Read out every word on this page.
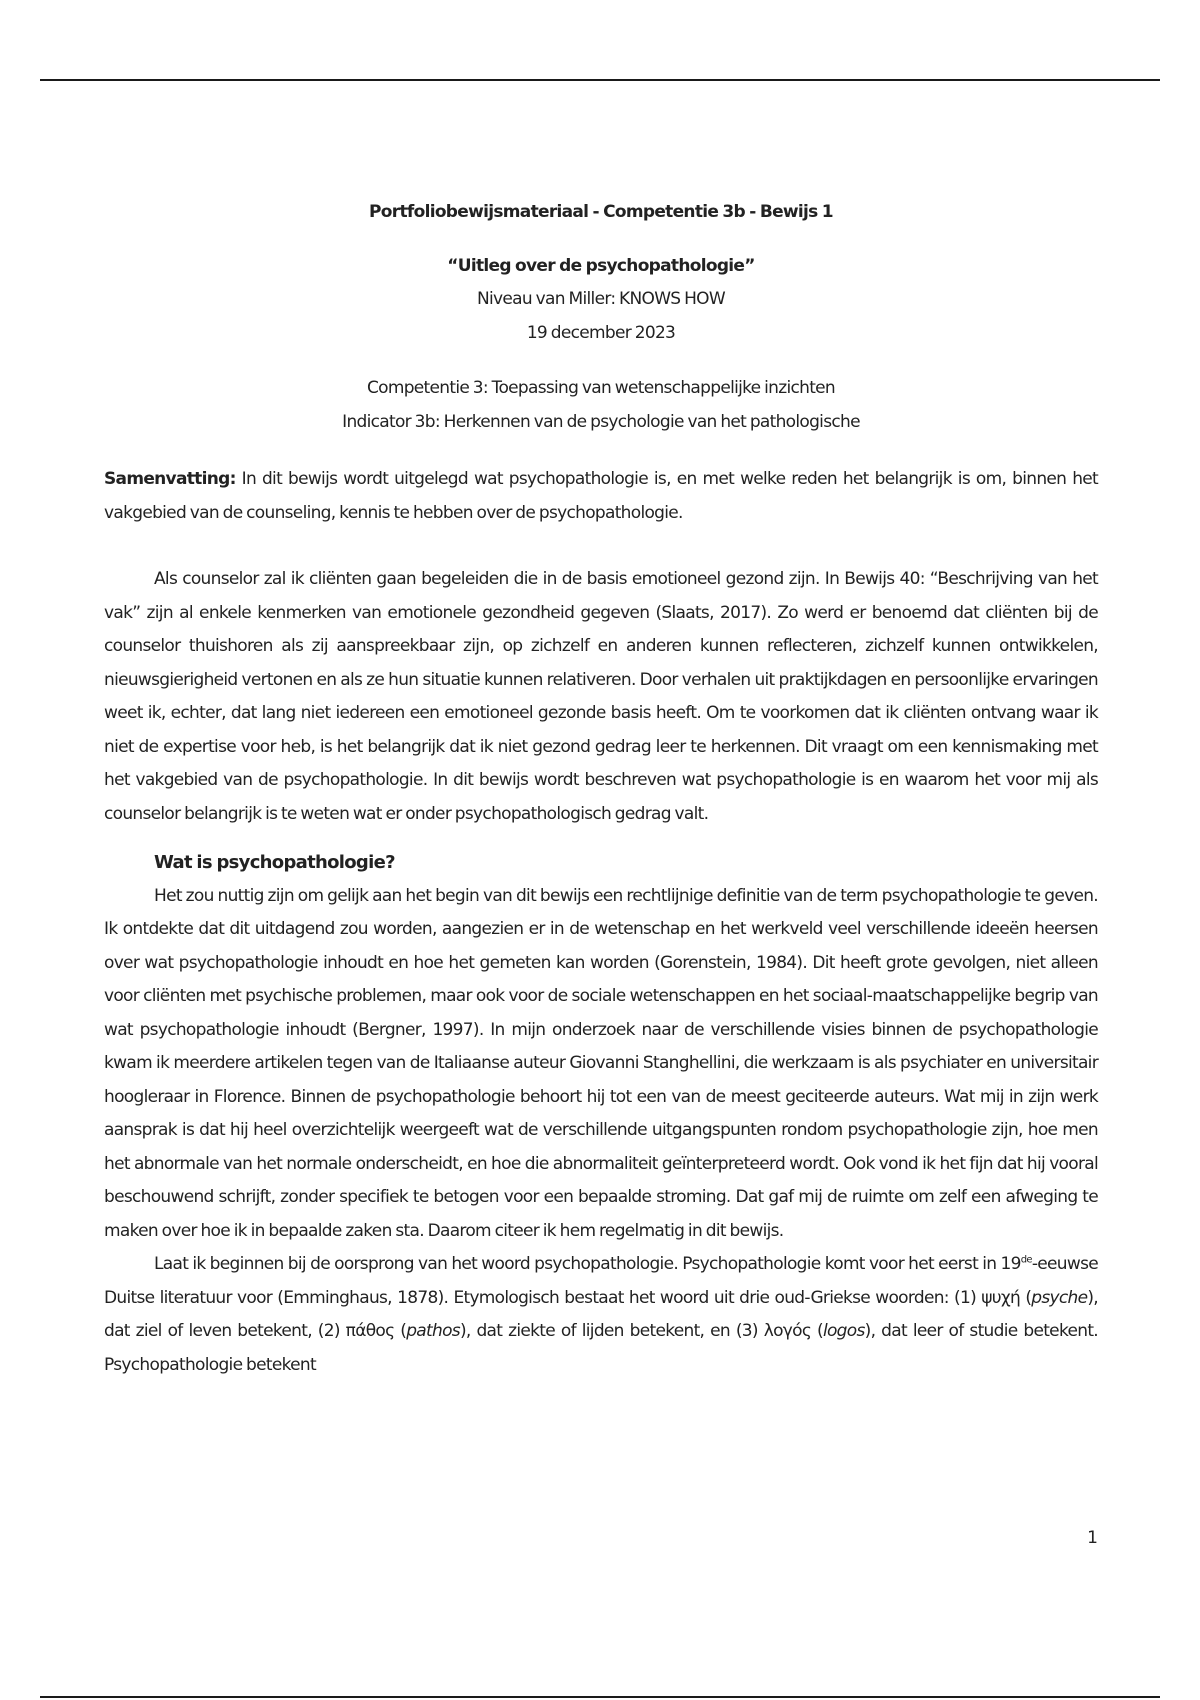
Portfoliobewijsmateriaal - Competentie 3b - Bewijs 1
“Uitleg over de psychopathologie”
Niveau van Miller: KNOWS HOW
19 december 2023
Competentie 3: Toepassing van wetenschappelijke inzichten
Indicator 3b: Herkennen van de psychologie van het pathologische

Samenvatting: In dit bewijs wordt uitgelegd wat psychopathologie is, en met welke reden het belangrijk is om, binnen het vakgebied van de counseling, kennis te hebben over de psychopathologie.

Als counselor zal ik cliënten gaan begeleiden die in de basis emotioneel gezond zijn. In Bewijs 40: “Beschrijving van het vak” zijn al enkele kenmerken van emotionele gezondheid gegeven (Slaats, 2017). Zo werd er benoemd dat cliënten bij de counselor thuishoren als zij aanspreekbaar zijn, op zichzelf en anderen kunnen reflecteren, zichzelf kunnen ontwikkelen, nieuwsgierigheid vertonen en als ze hun situatie kunnen relativeren. Door verhalen uit praktijkdagen en persoonlijke ervaringen weet ik, echter, dat lang niet iedereen een emotioneel gezonde basis heeft. Om te voorkomen dat ik cliënten ontvang waar ik niet de expertise voor heb, is het belangrijk dat ik niet gezond gedrag leer te herkennen. Dit vraagt om een kennismaking met het vakgebied van de psychopathologie. In dit bewijs wordt beschreven wat psychopathologie is en waarom het voor mij als counselor belangrijk is te weten wat er onder psychopathologisch gedrag valt.

Wat is psychopathologie?

Het zou nuttig zijn om gelijk aan het begin van dit bewijs een rechtlijnige definitie van de term psychopathologie te geven. Ik ontdekte dat dit uitdagend zou worden, aangezien er in de wetenschap en het werkveld veel verschillende ideeën heersen over wat psychopathologie inhoudt en hoe het gemeten kan worden (Gorenstein, 1984). Dit heeft grote gevolgen, niet alleen voor cliënten met psychische problemen, maar ook voor de sociale wetenschappen en het sociaal-maatschappelijke begrip van wat psychopathologie inhoudt (Bergner, 1997). In mijn onderzoek naar de verschillende visies binnen de psychopathologie kwam ik meerdere artikelen tegen van de Italiaanse auteur Giovanni Stanghellini, die werkzaam is als psychiater en universitair hoogleraar in Florence. Binnen de psychopathologie behoort hij tot een van de meest geciteerde auteurs. Wat mij in zijn werk aansprak is dat hij heel overzichtelijk weergeeft wat de verschillende uitgangspunten rondom psychopathologie zijn, hoe men het abnormale van het normale onderscheidt, en hoe die abnormaliteit geïnterpreteerd wordt. Ook vond ik het fijn dat hij vooral beschouwend schrijft, zonder specifiek te betogen voor een bepaalde stroming. Dat gaf mij de ruimte om zelf een afweging te maken over hoe ik in bepaalde zaken sta. Daarom citeer ik hem regelmatig in dit bewijs.

Laat ik beginnen bij de oorsprong van het woord psychopathologie. Psychopathologie komt voor het eerst in 19de-eeuwse Duitse literatuur voor (Emminghaus, 1878). Etymologisch bestaat het woord uit drie oud-Griekse woorden: (1) ψυχή (psyche), dat ziel of leven betekent, (2) πάθος (pathos), dat ziekte of lijden betekent, en (3) λογός (logos), dat leer of studie betekent. Psychopathologie betekent

1
